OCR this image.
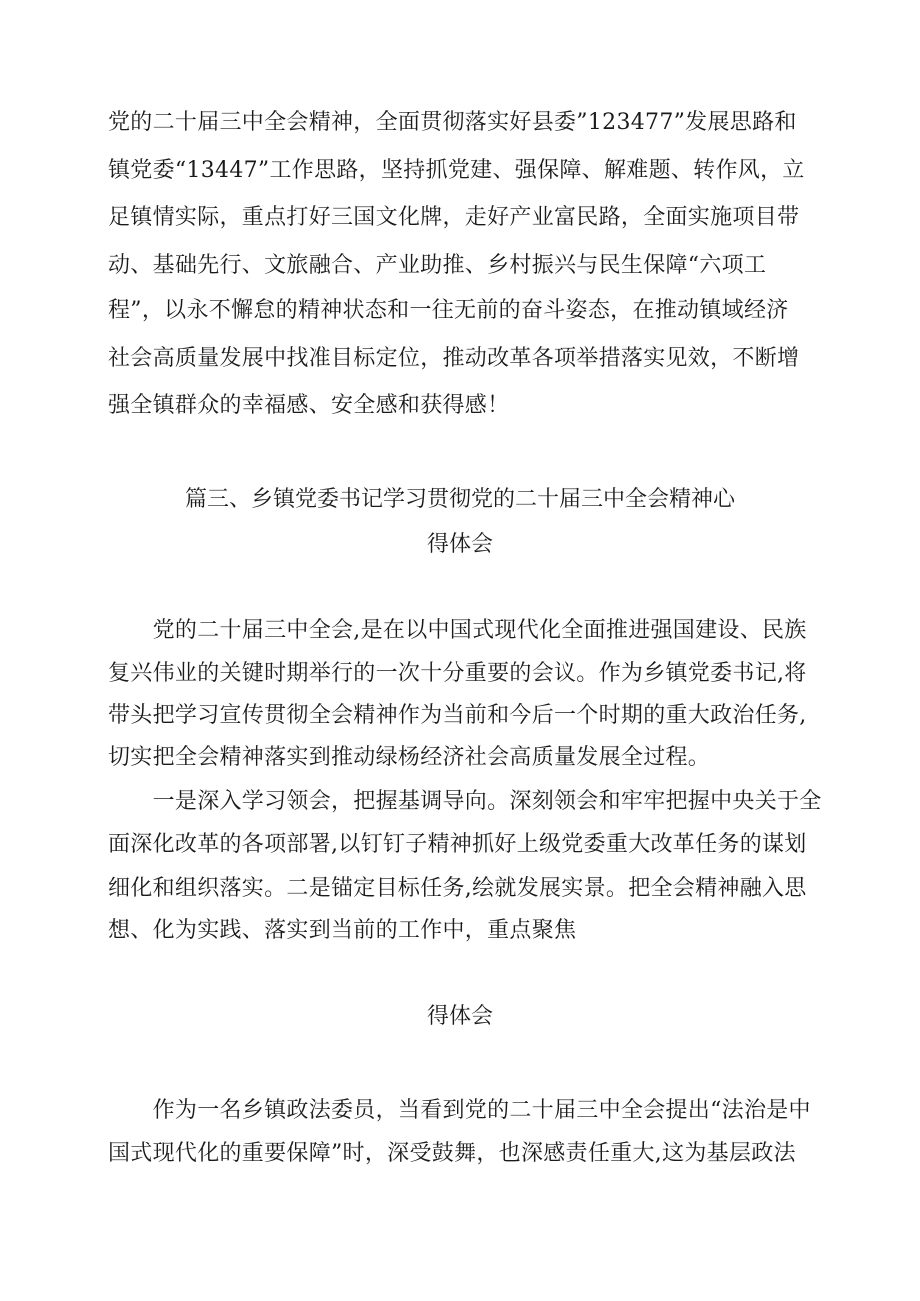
党的二十届三中全会精神，全面贯彻落实好县委”123477”发展思路和
镇党委“13447”工作思路，坚持抓党建、强保障、解难题、转作风，立
足镇情实际，重点打好三国文化牌，走好产业富民路，全面实施项目带
动、基础先行、文旅融合、产业助推、乡村振兴与民生保障“六项工
程”，以永不懈怠的精神状态和一往无前的奋斗姿态，在推动镇域经济
社会高质量发展中找准目标定位，推动改革各项举措落实见效，不断增
强全镇群众的幸福感、安全感和获得感！
篇三、乡镇党委书记学习贯彻党的二十届三中全会精神心
得体会
　　党的二十届三中全会,是在以中国式现代化全面推进强国建设、民族
复兴伟业的关键时期举行的一次十分重要的会议。作为乡镇党委书记,将
带头把学习宣传贯彻全会精神作为当前和今后一个时期的重大政治任务,
切实把全会精神落实到推动绿杨经济社会高质量发展全过程。
　　一是深入学习领会，把握基调导向。深刻领会和牢牢把握中央关于全
面深化改革的各项部署,以钉钉子精神抓好上级党委重大改革任务的谋划
细化和组织落实。二是锚定目标任务,绘就发展实景。把全会精神融入思
想、化为实践、落实到当前的工作中，重点聚焦
得体会
　　作为一名乡镇政法委员，当看到党的二十届三中全会提出“法治是中
国式现代化的重要保障”时，深受鼓舞，也深感责任重大,这为基层政法
